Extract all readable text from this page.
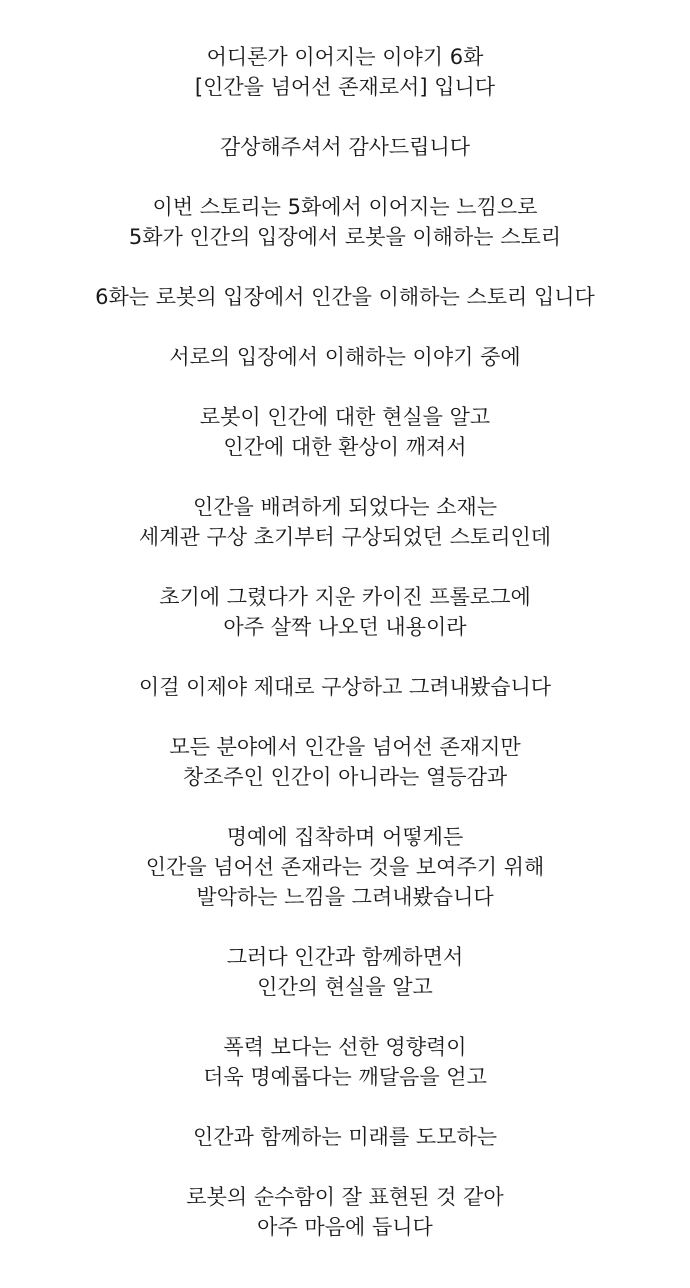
어디론가 이어지는 이야기 6화
[인간을 넘어선 존재로서] 입니다

감상해주셔서 감사드립니다

이번 스토리는 5화에서 이어지는 느낌으로
5화가 인간의 입장에서 로봇을 이해하는 스토리

6화는 로봇의 입장에서 인간을 이해하는 스토리 입니다

서로의 입장에서 이해하는 이야기 중에

로봇이 인간에 대한 현실을 알고
인간에 대한 환상이 깨져서

인간을 배려하게 되었다는 소재는
세계관 구상 초기부터 구상되었던 스토리인데

초기에 그렸다가 지운 카이진 프롤로그에
아주 살짝 나오던 내용이라

이걸 이제야 제대로 구상하고 그려내봤습니다

모든 분야에서 인간을 넘어선 존재지만
창조주인 인간이 아니라는 열등감과

명예에 집착하며 어떻게든
인간을 넘어선 존재라는 것을 보여주기 위해
발악하는 느낌을 그려내봤습니다

그러다 인간과 함께하면서
인간의 현실을 알고

폭력 보다는 선한 영향력이
더욱 명예롭다는 깨달음을 얻고

인간과 함께하는 미래를 도모하는

로봇의 순수함이 잘 표현된 것 같아
아주 마음에 듭니다
